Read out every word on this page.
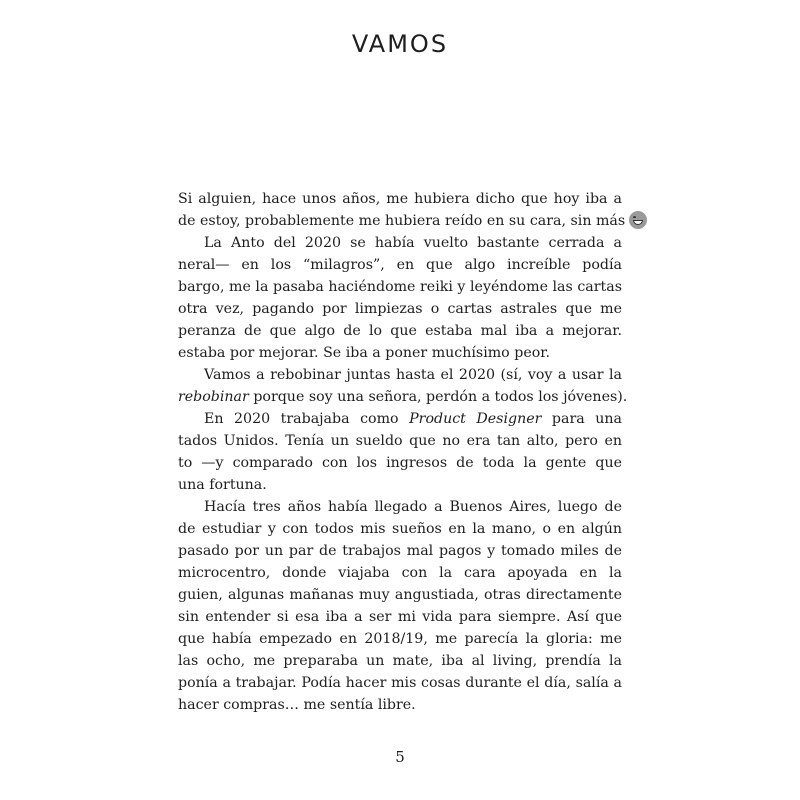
VAMOS
Si alguien, hace unos años, me hubiera dicho que hoy iba a
de estoy, probablemente me hubiera reído en su cara, sin más
La Anto del 2020 se había vuelto bastante cerrada a
neral— en los “milagros”, en que algo increíble podía
bargo, me la pasaba haciéndome reiki y leyéndome las cartas
otra vez, pagando por limpiezas o cartas astrales que me
peranza de que algo de lo que estaba mal iba a mejorar.
estaba por mejorar. Se iba a poner muchísimo peor.
Vamos a rebobinar juntas hasta el 2020 (sí, voy a usar la
rebobinar porque soy una señora, perdón a todos los jóvenes).
En 2020 trabajaba como Product Designer para una
tados Unidos. Tenía un sueldo que no era tan alto, pero en
to —y comparado con los ingresos de toda la gente que
una fortuna.
Hacía tres años había llegado a Buenos Aires, luego de
de estudiar y con todos mis sueños en la mano, o en algún
pasado por un par de trabajos mal pagos y tomado miles de
microcentro, donde viajaba con la cara apoyada en la
guien, algunas mañanas muy angustiada, otras directamente
sin entender si esa iba a ser mi vida para siempre. Así que
que había empezado en 2018/19, me parecía la gloria: me
las ocho, me preparaba un mate, iba al living, prendía la
ponía a trabajar. Podía hacer mis cosas durante el día, salía a
hacer compras… me sentía libre.
5
